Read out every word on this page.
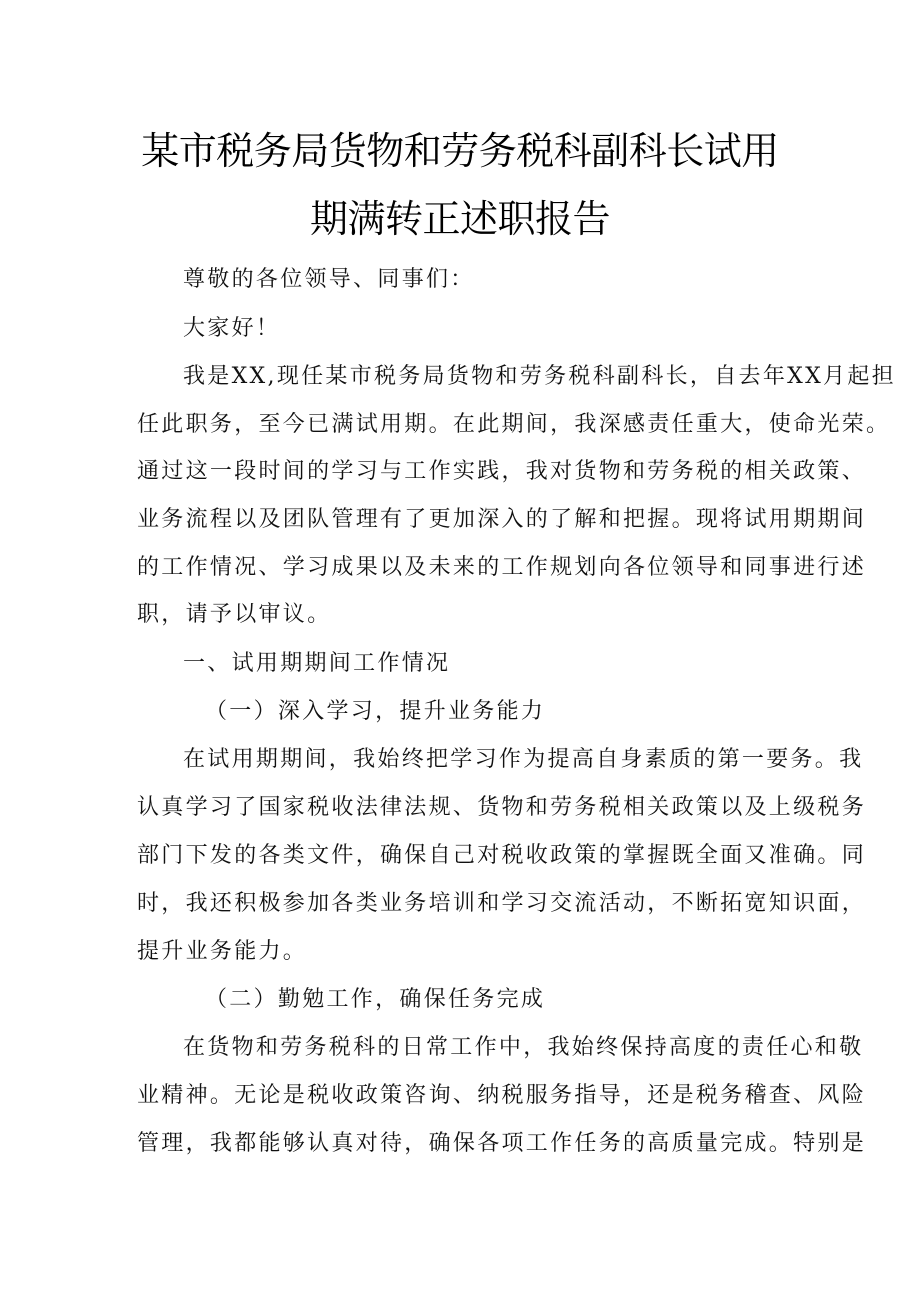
某市税务局货物和劳务税科副科长试用
期满转正述职报告
尊敬的各位领导、同事们：
大家好！
我是XX,现任某市税务局货物和劳务税科副科长，自去年XX月起担
任此职务，至今已满试用期。在此期间，我深感责任重大，使命光荣。
通过这一段时间的学习与工作实践，我对货物和劳务税的相关政策、
业务流程以及团队管理有了更加深入的了解和把握。现将试用期期间
的工作情况、学习成果以及未来的工作规划向各位领导和同事进行述
职，请予以审议。
一、试用期期间工作情况
（一）深入学习，提升业务能力
在试用期期间，我始终把学习作为提高自身素质的第一要务。我
认真学习了国家税收法律法规、货物和劳务税相关政策以及上级税务
部门下发的各类文件，确保自己对税收政策的掌握既全面又准确。同
时，我还积极参加各类业务培训和学习交流活动，不断拓宽知识面，
提升业务能力。
（二）勤勉工作，确保任务完成
在货物和劳务税科的日常工作中，我始终保持高度的责任心和敬
业精神。无论是税收政策咨询、纳税服务指导，还是税务稽查、风险
管理，我都能够认真对待，确保各项工作任务的高质量完成。特别是
